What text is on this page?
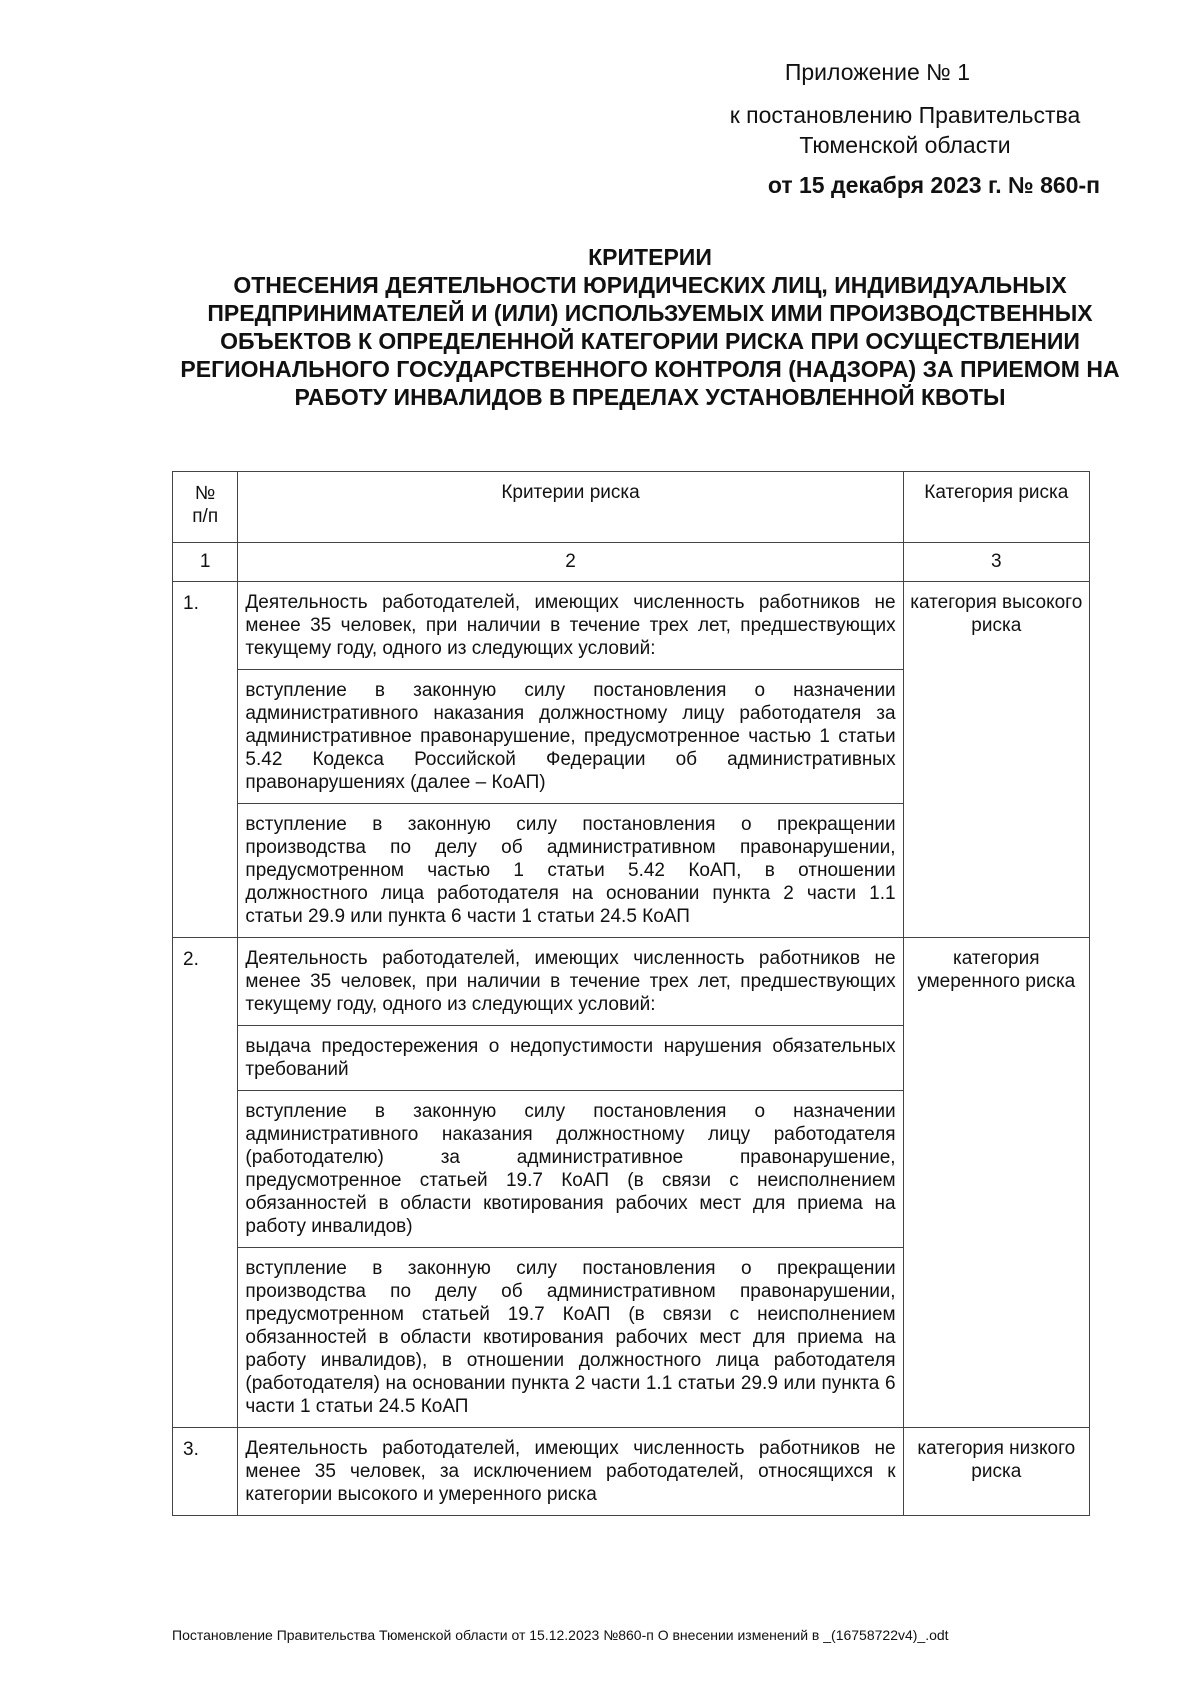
Приложение № 1
к постановлению Правительства
Тюменской области
от 15 декабря 2023 г. № 860-п
КРИТЕРИИ
ОТНЕСЕНИЯ ДЕЯТЕЛЬНОСТИ ЮРИДИЧЕСКИХ ЛИЦ, ИНДИВИДУАЛЬНЫХ ПРЕДПРИНИМАТЕЛЕЙ И (ИЛИ) ИСПОЛЬЗУЕМЫХ ИМИ ПРОИЗВОДСТВЕННЫХ ОБЪЕКТОВ К ОПРЕДЕЛЕННОЙ КАТЕГОРИИ РИСКА ПРИ ОСУЩЕСТВЛЕНИИ РЕГИОНАЛЬНОГО ГОСУДАРСТВЕННОГО КОНТРОЛЯ (НАДЗОРА) ЗА ПРИЕМОМ НА РАБОТУ ИНВАЛИДОВ В ПРЕДЕЛАХ УСТАНОВЛЕННОЙ КВОТЫ
№
п/п	Критерии риска	Категория риска
1	2	3
1.	Деятельность работодателей, имеющих численность работников не менее 35 человек, при наличии в течение трех лет, предшествующих текущему году, одного из следующих условий:	категория высокого риска
	вступление в законную силу постановления о назначении административного наказания должностному лицу работодателя за административное правонарушение, предусмотренное частью 1 статьи 5.42 Кодекса Российской Федерации об административных правонарушениях (далее – КоАП)	
	вступление в законную силу постановления о прекращении производства по делу об административном правонарушении, предусмотренном частью 1 статьи 5.42 КоАП, в отношении должностного лица работодателя на основании пункта 2 части 1.1 статьи 29.9 или пункта 6 части 1 статьи 24.5 КоАП	
2.	Деятельность работодателей, имеющих численность работников не менее 35 человек, при наличии в течение трех лет, предшествующих текущему году, одного из следующих условий:	категория умеренного риска
	выдача предостережения о недопустимости нарушения обязательных требований	
	вступление в законную силу постановления о назначении административного наказания должностному лицу работодателя (работодателю) за административное правонарушение, предусмотренное статьей 19.7 КоАП (в связи с неисполнением обязанностей в области квотирования рабочих мест для приема на работу инвалидов)	
	вступление в законную силу постановления о прекращении производства по делу об административном правонарушении, предусмотренном статьей 19.7 КоАП (в связи с неисполнением обязанностей в области квотирования рабочих мест для приема на работу инвалидов), в отношении должностного лица работодателя (работодателя) на основании пункта 2 части 1.1 статьи 29.9 или пункта 6 части 1 статьи 24.5 КоАП	
3.	Деятельность работодателей, имеющих численность работников не менее 35 человек, за исключением работодателей, относящихся к категории высокого и умеренного риска	категория низкого риска
Постановление Правительства Тюменской области от 15.12.2023 №860-п О внесении изменений в _(16758722v4)_.odt
